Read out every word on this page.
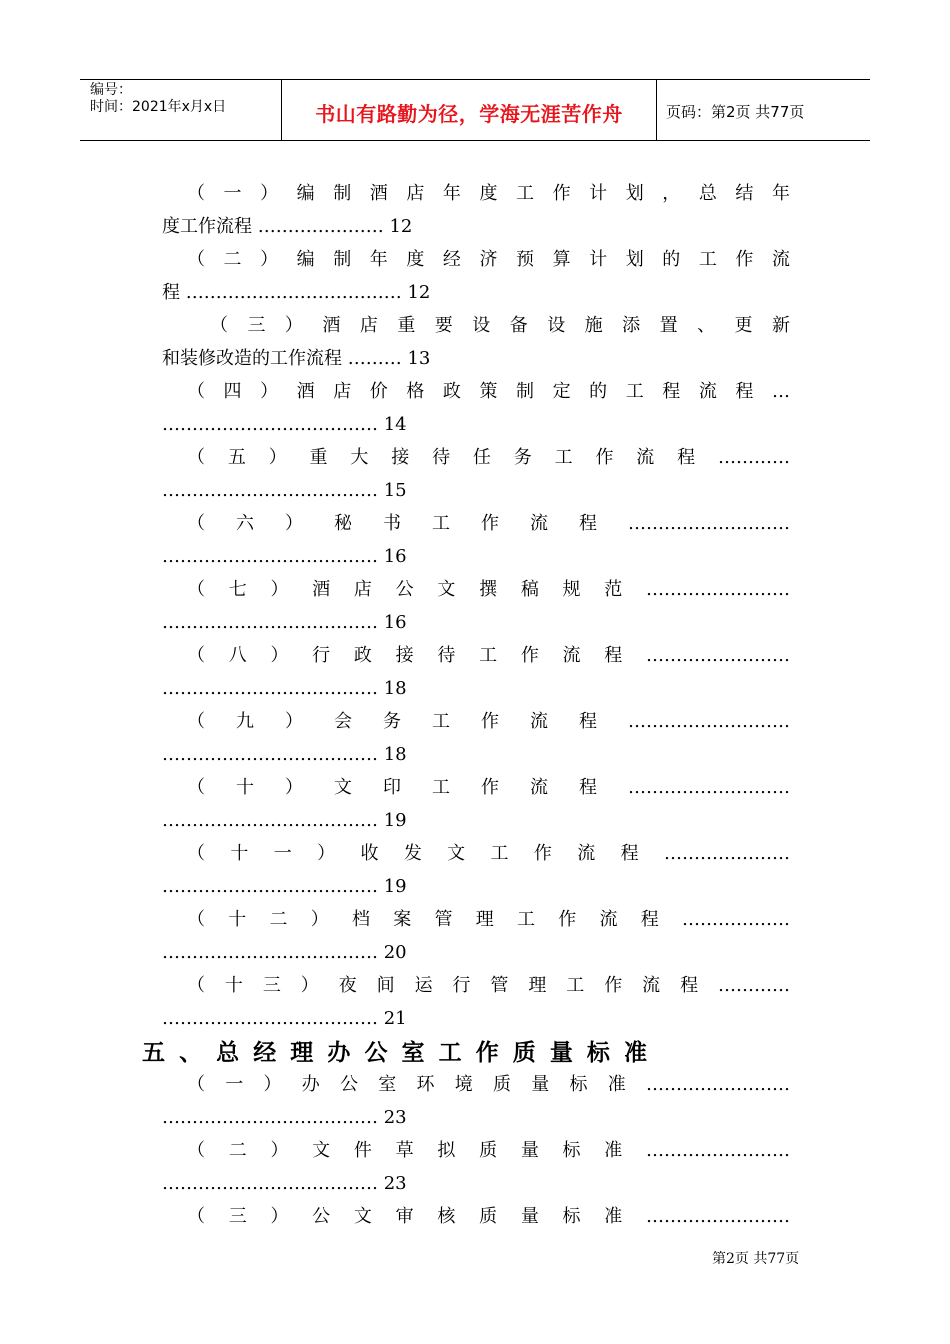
编号：
时间：2021年x月x日	书山有路勤为径，学海无涯苦作舟	页码：第2页 共77页
（一）编制酒店年度工作计划，总结年
度工作流程 ………………… 12
（二）编制年度经济预算计划的工作流
程 ……………………………… 12
（三）酒店重要设备设施添置、更新
和装修改造的工作流程 ……… 13
（四）酒店价格政策制定的工程流程…
……………………………… 14
（五）重大接待任务工作流程…………
……………………………… 15
（六）秘书工作流程………………………
……………………………… 16
（七）酒店公文撰稿规范……………………
……………………………… 16
（八）行政接待工作流程……………………
……………………………… 18
（九）会务工作流程………………………
……………………………… 18
（十）文印工作流程………………………
……………………………… 19
（十一）收发文工作流程…………………
……………………………… 19
（十二）档案管理工作流程………………
……………………………… 20
（十三）夜间运行管理工作流程…………
……………………………… 21
五、总经理办公室工作质量标准
（一）办公室环境质量标准……………………
……………………………… 23
（二）文件草拟质量标准……………………
……………………………… 23
（三）公文审核质量标准……………………
第2页 共77页
